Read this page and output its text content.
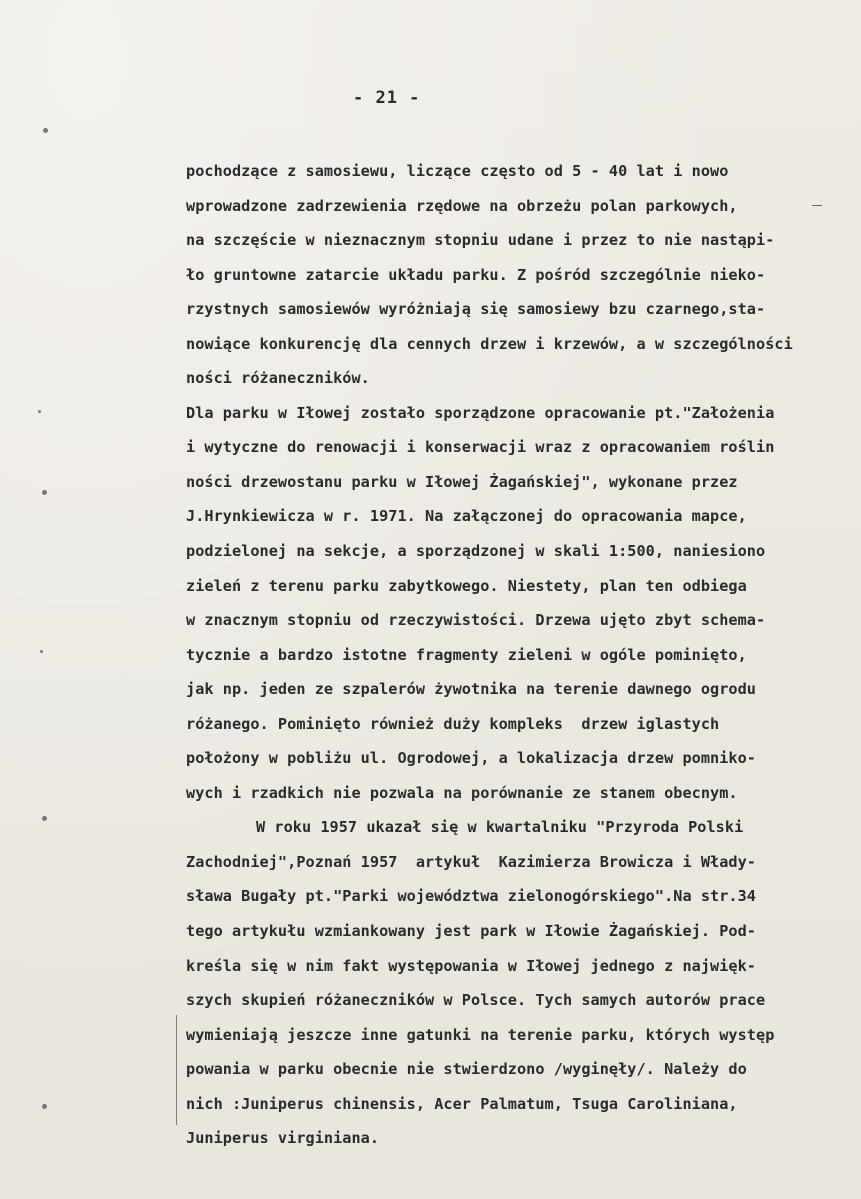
- 21 -
pochodzące z samosiewu, liczące często od 5 - 40 lat i nowo
wprowadzone zadrzewienia rzędowe na obrzeżu polan parkowych,
na szczęście w nieznacznym stopniu udane i przez to nie nastąpi-
ło gruntowne zatarcie układu parku. Z pośród szczególnie nieko-
rzystnych samosiewów wyróżniają się samosiewy bzu czarnego,sta-
nowiące konkurencję dla cennych drzew i krzewów, a w szczególności
ności różaneczników.
Dla parku w Iłowej zostało sporządzone opracowanie pt."Założenia
i wytyczne do renowacji i konserwacji wraz z opracowaniem roślin
ności drzewostanu parku w Iłowej Żagańskiej", wykonane przez
J.Hrynkiewicza w r. 1971. Na załączonej do opracowania mapce,
podzielonej na sekcje, a sporządzonej w skali 1:500, naniesiono
zieleń z terenu parku zabytkowego. Niestety, plan ten odbiega
w znacznym stopniu od rzeczywistości. Drzewa ujęto zbyt schema-
tycznie a bardzo istotne fragmenty zieleni w ogóle pominięto,
jak np. jeden ze szpalerów żywotnika na terenie dawnego ogrodu
różanego. Pominięto również duży kompleks  drzew iglastych
położony w pobliżu ul. Ogrodowej, a lokalizacja drzew pomniko-
wych i rzadkich nie pozwala na porównanie ze stanem obecnym.
W roku 1957 ukazał się w kwartalniku "Przyroda Polski
Zachodniej",Poznań 1957  artykuł  Kazimierza Browicza i Włady-
sława Bugały pt."Parki województwa zielonogórskiego".Na str.34
tego artykułu wzmiankowany jest park w Iłowie Żagańskiej. Pod-
kreśla się w nim fakt występowania w Iłowej jednego z najwięk-
szych skupień różaneczników w Polsce. Tych samych autorów prace
wymieniają jeszcze inne gatunki na terenie parku, których występ
powania w parku obecnie nie stwierdzono /wyginęły/. Należy do
nich :Juniperus chinensis, Acer Palmatum, Tsuga Caroliniana,
Juniperus virginiana.
